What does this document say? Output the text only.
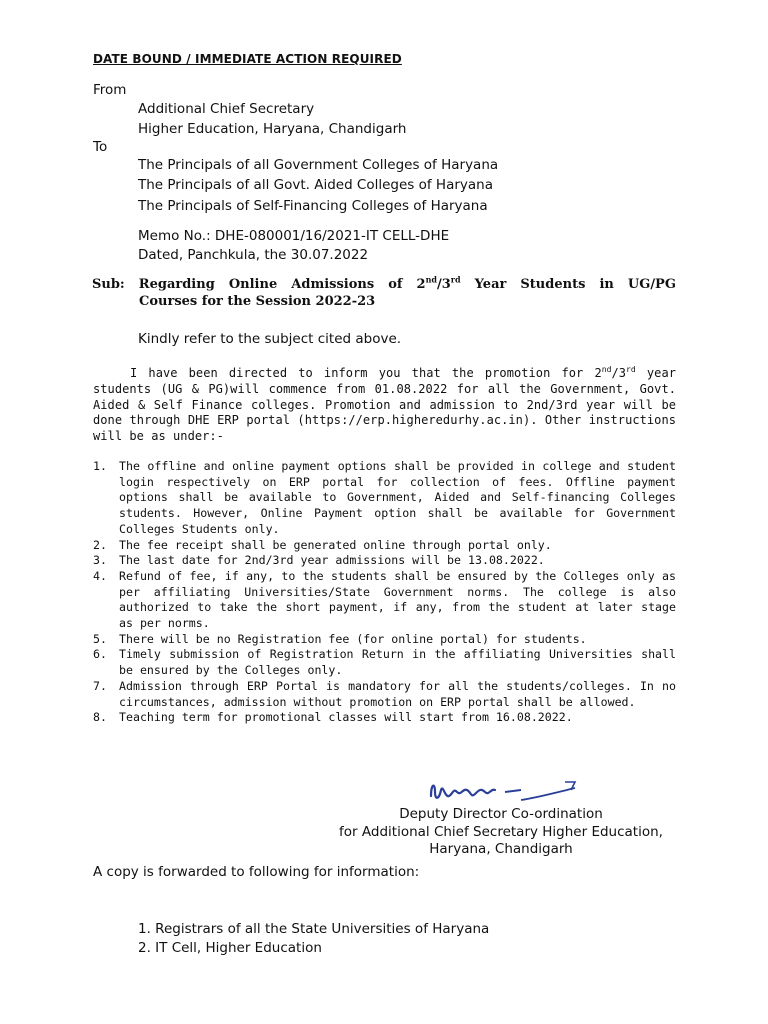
DATE BOUND / IMMEDIATE ACTION REQUIRED
From
Additional Chief Secretary
Higher Education, Haryana, Chandigarh
To
The Principals of all Government Colleges of Haryana
The Principals of all Govt. Aided Colleges of Haryana
The Principals of Self-Financing Colleges of Haryana
Memo No.: DHE-080001/16/2021-IT CELL-DHE
Dated, Panchkula, the 30.07.2022
Sub: Regarding Online Admissions of 2nd/3rd Year Students in UG/PG
Courses for the Session 2022-23
Kindly refer to the subject cited above.
I have been directed to inform you that the promotion for 2nd/3rd year students (UG & PG)will commence from 01.08.2022 for all the Government, Govt. Aided & Self Finance colleges. Promotion and admission to 2nd/3rd year will be done through DHE ERP portal (https://erp.higheredurhy.ac.in). Other instructions will be as under:-
1.	The offline and online payment options shall be provided in college and student login respectively on ERP portal for collection of fees. Offline payment options shall be available to Government, Aided and Self-financing Colleges students. However, Online Payment option shall be available for Government Colleges Students only.
2.	The fee receipt shall be generated online through portal only.
3.	The last date for 2nd/3rd year admissions will be 13.08.2022.
4.	Refund of fee, if any, to the students shall be ensured by the Colleges only as per affiliating Universities/State Government norms. The college is also authorized to take the short payment, if any, from the student at later stage as per norms.
5.	There will be no Registration fee (for online portal) for students.
6.	Timely submission of Registration Return in the affiliating Universities shall be ensured by the Colleges only.
7.	Admission through ERP Portal is mandatory for all the students/colleges. In no circumstances, admission without promotion on ERP portal shall be allowed.
8.	Teaching term for promotional classes will start from 16.08.2022.
Deputy Director Co-ordination
for Additional Chief Secretary Higher Education,
Haryana, Chandigarh
A copy is forwarded to following for information:
1. Registrars of all the State Universities of Haryana
2. IT Cell, Higher Education
